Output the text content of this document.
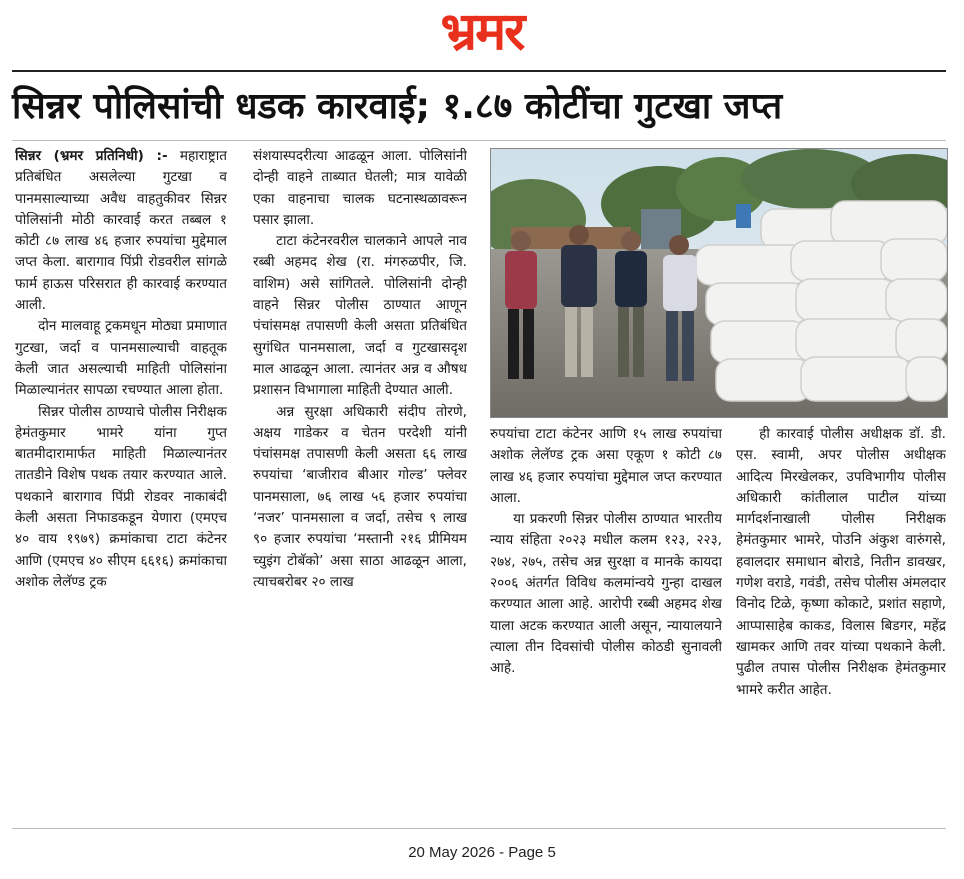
भ्रमर
सिन्नर पोलिसांची धडक कारवाई; १.८७ कोटींचा गुटखा जप्त

सिन्नर (भ्रमर प्रतिनिधी) :- महाराष्ट्रात प्रतिबंधित असलेल्या गुटखा व पानमसाल्याच्या अवैध वाहतुकीवर सिन्नर पोलिसांनी मोठी कारवाई करत तब्बल १ कोटी ८७ लाख ४६ हजार रुपयांचा मुद्देमाल जप्त केला. बारागाव पिंप्री रोडवरील सांगळे फार्म हाऊस परिसरात ही कारवाई करण्यात आली.

दोन मालवाहू ट्रकमधून मोठ्या प्रमाणात गुटखा, जर्दा व पानमसाल्याची वाहतूक केली जात असल्याची माहिती पोलिसांना मिळाल्यानंतर सापळा रचण्यात आला होता.

सिन्नर पोलीस ठाण्याचे पोलीस निरीक्षक हेमंतकुमार भामरे यांना गुप्त बातमीदारामार्फत माहिती मिळाल्यानंतर तातडीने विशेष पथक तयार करण्यात आले. पथकाने बारागाव पिंप्री रोडवर नाकाबंदी केली असता निफाडकडून येणारा (एमएच ४० वाय १९७९) क्रमांकाचा टाटा कंटेनर आणि (एमएच ४० सीएम ६६१६) क्रमांकाचा अशोक लेलॅण्ड ट्रक

संशयास्पदरीत्या आढळून आला. पोलिसांनी दोन्ही वाहने ताब्यात घेतली; मात्र यावेळी एका वाहनाचा चालक घटनास्थळावरून पसार झाला.

टाटा कंटेनरवरील चालकाने आपले नाव रब्बी अहमद शेख (रा. मंगरुळपीर, जि. वाशिम) असे सांगितले. पोलिसांनी दोन्ही वाहने सिन्नर पोलीस ठाण्यात आणून पंचांसमक्ष तपासणी केली असता प्रतिबंधित सुगंधित पानमसाला, जर्दा व गुटखासदृश माल आढळून आला. त्यानंतर अन्न व औषध प्रशासन विभागाला माहिती देण्यात आली.

अन्न सुरक्षा अधिकारी संदीप तोरणे, अक्षय गाडेकर व चेतन परदेशी यांनी पंचांसमक्ष तपासणी केली असता ६६ लाख रुपयांचा ‘बाजीराव बीआर गोल्ड’ फ्लेवर पानमसाला, ७६ लाख ५६ हजार रुपयांचा ‘नजर’ पानमसाला व जर्दा, तसेच ९ लाख ९० हजार रुपयांचा ‘मस्तानी २१६ प्रीमियम च्युइंग टोबॅको’ असा साठा आढळून आला, त्याचबरोबर २० लाख

रुपयांचा टाटा कंटेनर आणि १५ लाख रुपयांचा अशोक लेलॅण्ड ट्रक असा एकूण १ कोटी ८७ लाख ४६ हजार रुपयांचा मुद्देमाल जप्त करण्यात आला.

या प्रकरणी सिन्नर पोलीस ठाण्यात भारतीय न्याय संहिता २०२३ मधील कलम १२३, २२३, २७४, २७५, तसेच अन्न सुरक्षा व मानके कायदा २००६ अंतर्गत विविध कलमांन्वये गुन्हा दाखल करण्यात आला आहे. आरोपी रब्बी अहमद शेख याला अटक करण्यात आली असून, न्यायालयाने त्याला तीन दिवसांची पोलीस कोठडी सुनावली आहे.

ही कारवाई पोलीस अधीक्षक डॉ. डी. एस. स्वामी, अपर पोलीस अधीक्षक आदित्य मिरखेलकर, उपविभागीय पोलीस अधिकारी कांतीलाल पाटील यांच्या मार्गदर्शनाखाली पोलीस निरीक्षक हेमंतकुमार भामरे, पोउनि अंकुश वारुंगसे, हवालदार समाधान बोराडे, नितीन डावखर, गणेश वराडे, गवंडी, तसेच पोलीस अंमलदार विनोद टिळे, कृष्णा कोकाटे, प्रशांत सहाणे, आप्पासाहेब काकड, विलास बिडगर, महेंद्र खामकर आणि तवर यांच्या पथकाने केली. पुढील तपास पोलीस निरीक्षक हेमंतकुमार भामरे करीत आहेत.

20 May 2026 - Page 5
